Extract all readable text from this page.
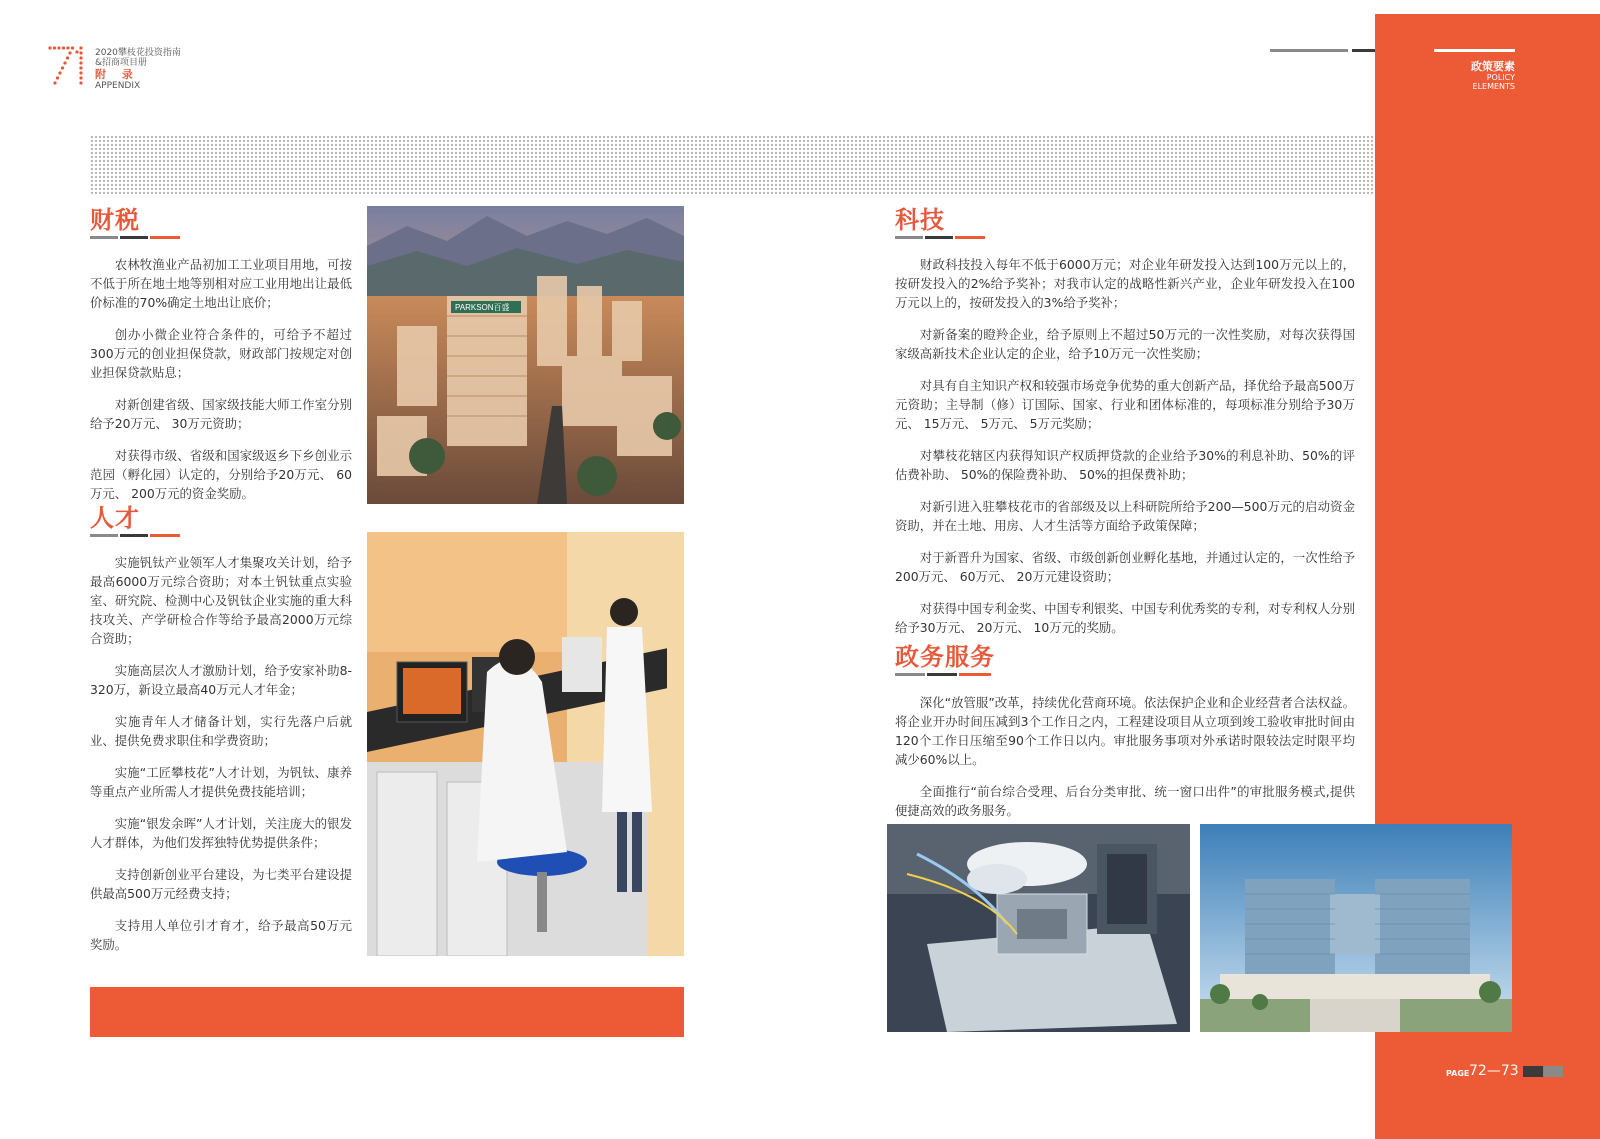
2020攀枝花投资指南
&招商项目册
附 录
APPENDIX
政策要素
POLICY
ELEMENTS
财税

农林牧渔业产品初加工工业项目用地，可按不低于所在地土地等别相对应工业用地出让最低价标准的70%确定土地出让底价；

创办小微企业符合条件的，可给予不超过300万元的创业担保贷款，财政部门按规定对创业担保贷款贴息；

对新创建省级、国家级技能大师工作室分别给予20万元、 30万元资助；

对获得市级、省级和国家级返乡下乡创业示范园（孵化园）认定的，分别给予20万元、 60万元、 200万元的资金奖励。

PARKSON百盛
人才

实施钒钛产业领军人才集聚攻关计划，给予最高6000万元综合资助；对本土钒钛重点实验室、研究院、检测中心及钒钛企业实施的重大科技攻关、产学研检合作等给予最高2000万元综合资助；

实施高层次人才激励计划，给予安家补助8-320万，新设立最高40万元人才年金；

实施青年人才储备计划，实行先落户后就业、提供免费求职住和学费资助；

实施“工匠攀枝花”人才计划，为钒钛、康养等重点产业所需人才提供免费技能培训；

实施“银发余晖”人才计划，关注庞大的银发人才群体，为他们发挥独特优势提供条件；

支持创新创业平台建设，为七类平台建设提供最高500万元经费支持；

支持用人单位引才育才，给予最高50万元奖励。

科技

财政科技投入每年不低于6000万元；对企业年研发投入达到100万元以上的，按研发投入的2%给予奖补；对我市认定的战略性新兴产业，企业年研发投入在100万元以上的，按研发投入的3%给予奖补；

对新备案的瞪羚企业，给予原则上不超过50万元的一次性奖励，对每次获得国家级高新技术企业认定的企业，给予10万元一次性奖励；

对具有自主知识产权和较强市场竞争优势的重大创新产品，择优给予最高500万元资助；主导制（修）订国际、国家、行业和团体标准的，每项标准分别给予30万元、 15万元、 5万元、 5万元奖励；

对攀枝花辖区内获得知识产权质押贷款的企业给予30%的利息补助、50%的评估费补助、 50%的保险费补助、 50%的担保费补助；

对新引进入驻攀枝花市的省部级及以上科研院所给予200—500万元的启动资金资助，并在土地、用房、人才生活等方面给予政策保障；

对于新晋升为国家、省级、市级创新创业孵化基地，并通过认定的，一次性给予200万元、 60万元、 20万元建设资助；

对获得中国专利金奖、中国专利银奖、中国专利优秀奖的专利，对专利权人分别给予30万元、 20万元、 10万元的奖励。

政务服务

深化“放管服”改革，持续优化营商环境。依法保护企业和企业经营者合法权益。将企业开办时间压减到3个工作日之内，工程建设项目从立项到竣工验收审批时间由120个工作日压缩至90个工作日以内。审批服务事项对外承诺时限较法定时限平均减少60%以上。

全面推行“前台综合受理、后台分类审批、统一窗口出件”的审批服务模式,提供便捷高效的政务服务。

PAGE 72—73
